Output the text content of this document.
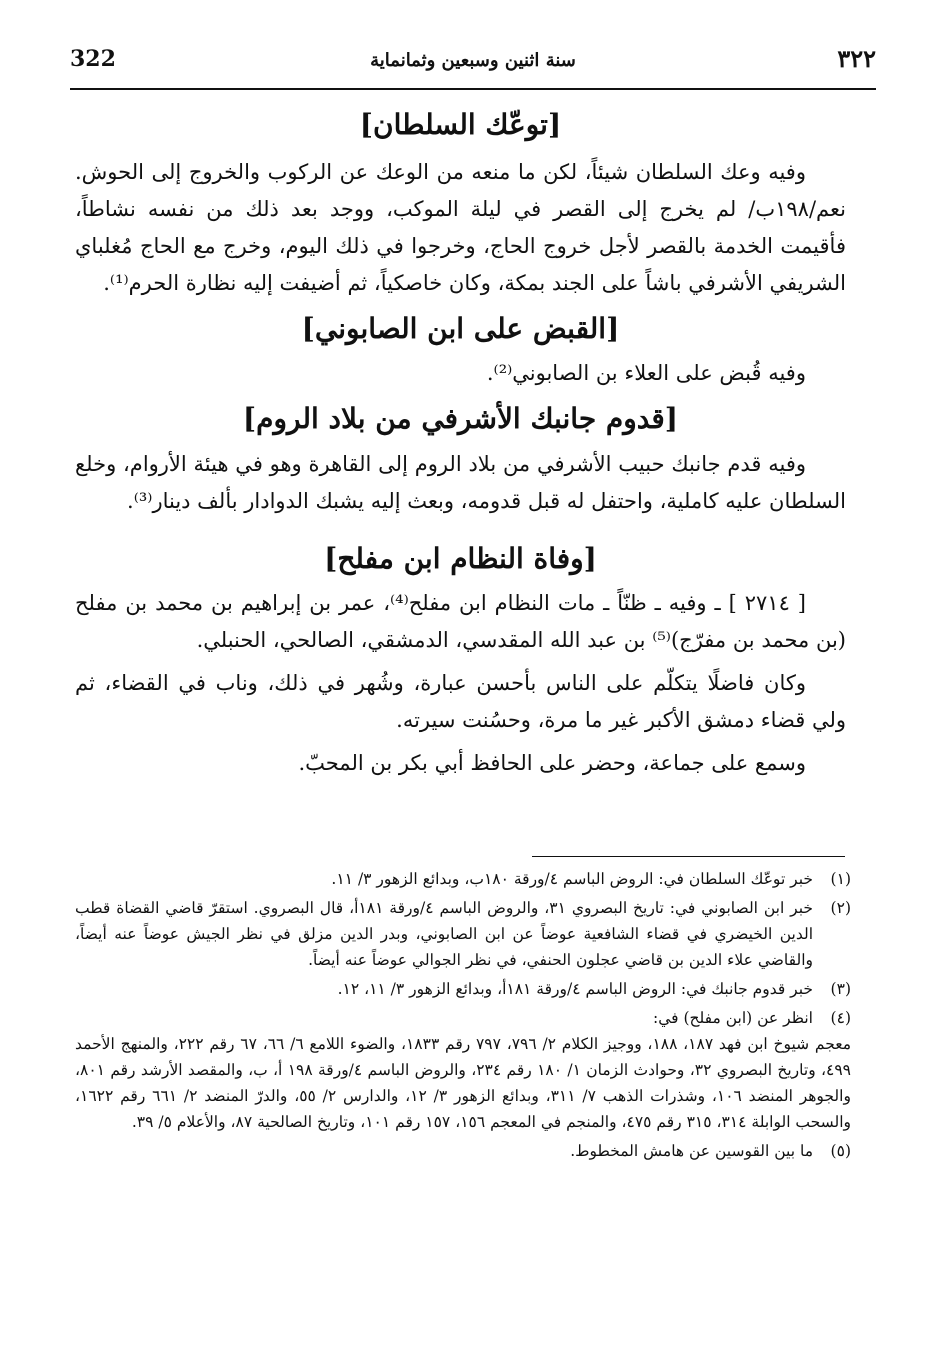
322	سنة اثنين وسبعين وثمانماية	٣٢٢
[توعّك السلطان]

وفيه وعك السلطان شيئاً، لكن ما منعه من الوعك عن الركوب والخروج إلى الحوش. نعم/١٩٨ب/ لم يخرج إلى القصر في ليلة الموكب، ووجد بعد ذلك من نفسه نشاطاً، فأقيمت الخدمة بالقصر لأجل خروج الحاج، وخرجوا في ذلك اليوم، وخرج مع الحاج مُغلباي الشريفي الأشرفي باشاً على الجند بمكة، وكان خاصكياً، ثم أضيفت إليه نظارة الحرم⁽¹⁾.

[القبض على ابن الصابوني]

وفيه قُبض على العلاء بن الصابوني⁽²⁾.

[قدوم جانبك الأشرفي من بلاد الروم]

وفيه قدم جانبك حبيب الأشرفي من بلاد الروم إلى القاهرة وهو في هيئة الأروام، وخلع السلطان عليه كاملية، واحتفل له قبل قدومه، وبعث إليه يشبك الدوادار بألف دينار⁽³⁾.

[وفاة النظام ابن مفلح]

[ ٢٧١٤ ] ـ وفيه ـ ظنّاً ـ مات النظام ابن مفلح⁽⁴⁾، عمر بن إبراهيم بن محمد بن مفلح (بن محمد بن مفرّج)⁽⁵⁾ بن عبد الله المقدسي، الدمشقي، الصالحي، الحنبلي.

وكان فاضلًا يتكلّم على الناس بأحسن عبارة، وشُهر في ذلك، وناب في القضاء، ثم ولي قضاء دمشق الأكبر غير ما مرة، وحسُنت سيرته.

وسمع على جماعة، وحضر على الحافظ أبي بكر بن المحبّ.

(١)
خبر توعّك السلطان في: الروض الباسم ٤/ورقة ١٨٠ب، وبدائع الزهور ٣/ ١١.
(٢)
خبر ابن الصابوني في: تاريخ البصروي ٣١، والروض الباسم ٤/ورقة ١٨١أ، قال البصروي. استقرّ قاضي القضاة قطب الدين الخيضري في قضاء الشافعية عوضاً عن ابن الصابوني، وبدر الدين مزلق في نظر الجيش عوضاً عنه أيضاً، والقاضي علاء الدين بن قاضي عجلون الحنفي، في نظر الجوالي عوضاً عنه أيضاً.
(٣)
خبر قدوم جانبك في: الروض الباسم ٤/ورقة ١٨١أ، وبدائع الزهور ٣/ ١١، ١٢.
(٤)
انظر عن (ابن مفلح) في:
معجم شيوخ ابن فهد ١٨٧، ١٨٨، ووجيز الكلام ٢/ ٧٩٦، ٧٩٧ رقم ١٨٣٣، والضوء اللامع ٦/ ٦٦، ٦٧ رقم ٢٢٢، والمنهج الأحمد ٤٩٩، وتاريخ البصروي ٣٢، وحوادث الزمان ١/ ١٨٠ رقم ٢٣٤، والروض الباسم ٤/ورقة ١٩٨ أ، ب، والمقصد الأرشد رقم ٨٠١، والجوهر المنضد ١٠٦، وشذرات الذهب ٧/ ٣١١، وبدائع الزهور ٣/ ١٢، والدارس ٢/ ٥٥، والدرّ المنضد ٢/ ٦٦١ رقم ١٦٢٢، والسحب الوابلة ٣١٤، ٣١٥ رقم ٤٧٥، والمنجم في المعجم ١٥٦، ١٥٧ رقم ١٠١، وتاريخ الصالحية ٨٧، والأعلام ٥/ ٣٩.
(٥)
ما بين القوسين عن هامش المخطوط.
